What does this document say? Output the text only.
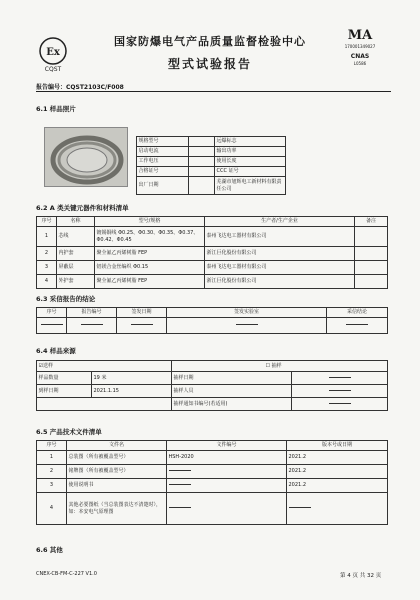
Ex
CQST
国家防爆电气产品质量监督检验中心
型式试验报告
MA
170001349027
CNAS
L0586
报告编号：CQST2103C/F008
6.1 样品照片
规格型号		远爆标志
启动电流		输出功率
工作电压		使用长度
合格证号		CCC 证号
出厂日期		芜湖市旭辉电工新材料有限责任公司
6.2 A 类关键元器件和材料清单
序号	名称	型号/规格	生产者/生产企业	备注
1	芯线	镀锡铜线 Φ0.25、Φ0.30、Φ0.35、Φ0.37、Φ0.42、Φ0.45	泰州飞达电工器材有限公司	
2	内护套	聚全氟乙丙烯树脂 FEP	浙江巨化股份有限公司	
3	屏蔽层	铝镁合金丝编织 Φ0.15	泰州飞达电工器材有限公司	
4	外护套	聚全氟乙丙烯树脂 FEP	浙江巨化股份有限公司	
6.3 采信报告的结论
序号	报告编号	签发日期	签发实验室	采信结论

6.4 样品来源
☑送样		☐ 抽样	
样品数量	19 米	抽样日期	
到样日期	2021.1.15	抽样人员	
		抽样通知书编号(若适用)	
6.5 产品技术文件清单
序号	文件名	文件编号	版本号或日期
1	总装图（所有被覆盖型号）	HSH-2020	2021.2
2	铭牌图（所有被覆盖型号）		2021.2
3	使用说明书		2021.2
4	其他必要图纸（当总装图表达不清楚时），如：本安电气原理图		
6.6 其他
CNEX-CB-FM-C-227 V1.0	第 4 页 共 32 页
